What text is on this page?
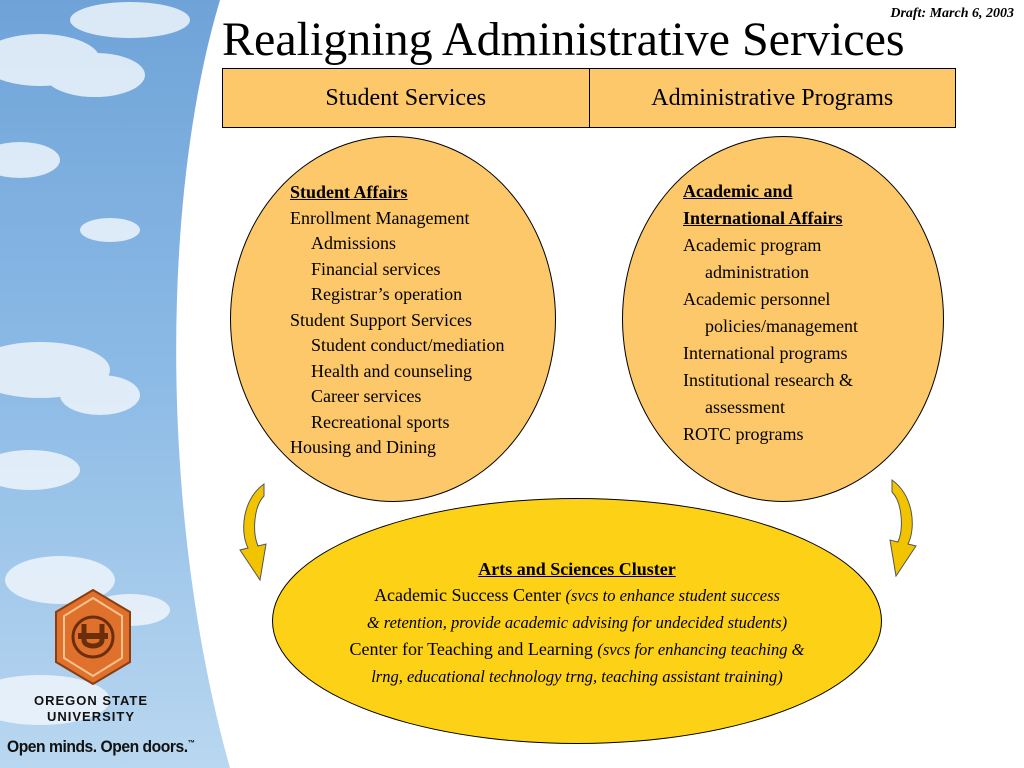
Draft: March 6, 2003
Realigning Administrative Services
Student Services	Administrative Programs
Student Affairs
Enrollment Management
Admissions
Financial services
Registrar’s operation
Student Support Services
Student conduct/mediation
Health and counseling
Career services
Recreational sports
Housing and Dining
Academic and
International Affairs
Academic program
administration
Academic personnel
policies/management
International programs
Institutional research &
assessment
ROTC programs
Arts and Sciences Cluster
Academic Success Center (svcs to enhance student success
& retention, provide academic advising for undecided students)
Center for Teaching and Learning (svcs for enhancing teaching &
lrng, educational technology trng, teaching assistant training)
OREGON STATE
UNIVERSITY
Open minds. Open doors.™
